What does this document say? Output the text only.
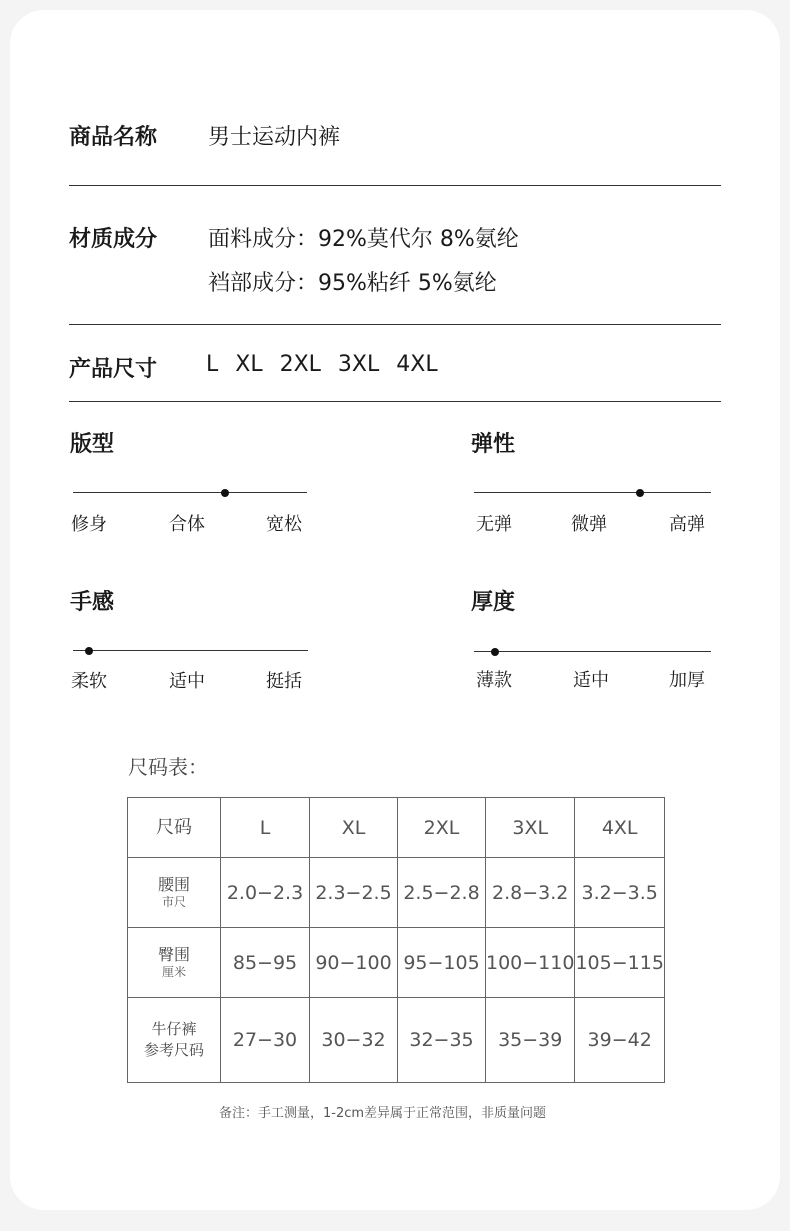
商品名称 男士运动内裤
材质成分 面料成分：92%莫代尔 8%氨纶
裆部成分：95%粘纤 5%氨纶
产品尺寸 L XL 2XL 3XL 4XL
版型
修身	合体	宽松
弹性
无弹	微弹	高弹
手感
柔软	适中	挺括
厚度
薄款	适中	加厚
尺码表：
尺码	L	XL	2XL	3XL	4XL

腰围
市尺	2.0−2.3	2.3−2.5	2.5−2.8	2.8−3.2	3.2−3.5

臀围
厘米	85−95	90−100	95−105	100−110	105−115

牛仔裤
参考尺码	27−30	30−32	32−35	35−39	39−42
备注：手工测量，1-2cm差异属于正常范围，非质量问题
